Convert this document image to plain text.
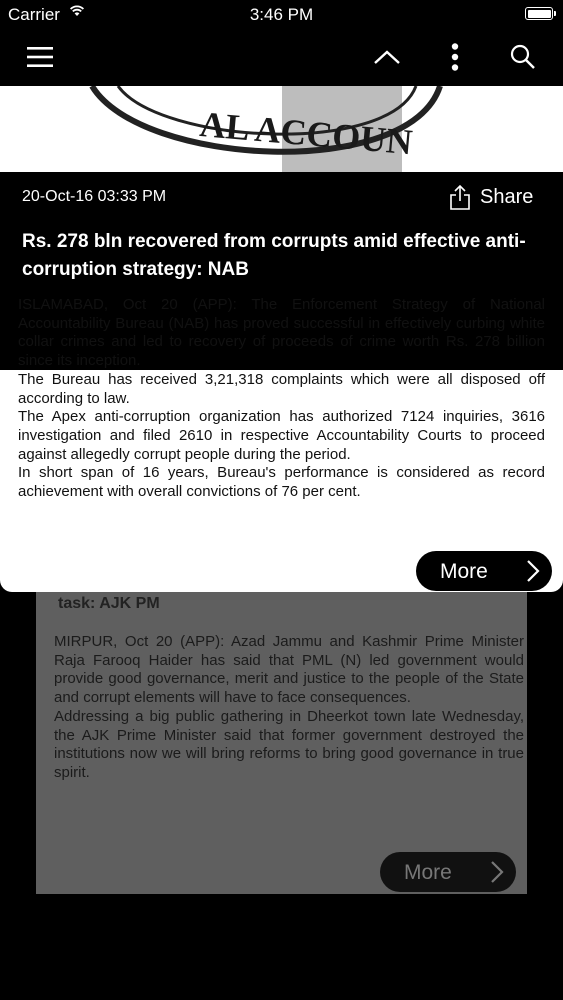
Carrier	3:46 PM
AL ACCOUN
20-Oct-16 03:33 PM	Share
Rs. 278 bln recovered from corrupts amid effective anti-corruption strategy: NAB

ISLAMABAD, Oct 20 (APP): The Enforcement Strategy of National Accountability Bureau (NAB) has proved successful in effectively curbing white collar crimes and led to recovery of proceeds of crime worth Rs. 278 billion since its inception.

The Bureau has received 3,21,318 complaints which were all disposed off according to law.

The Apex anti-corruption organization has authorized 7124 inquiries, 3616 investigation and filed 2610 in respective Accountability Courts to proceed against allegedly corrupt people during the period.

In short span of 16 years, Bureau's performance is considered as record achievement with overall convictions of 76 per cent.

More
task: AJK PM

MIRPUR, Oct 20 (APP): Azad Jammu and Kashmir Prime Minister Raja Farooq Haider has said that PML (N) led government would provide good governance, merit and justice to the people of the State and corrupt elements will have to face consequences.

Addressing a big public gathering in Dheerkot town late Wednesday, the AJK Prime Minister said that former government destroyed the institutions now we will bring reforms to bring good governance in true spirit.

More
